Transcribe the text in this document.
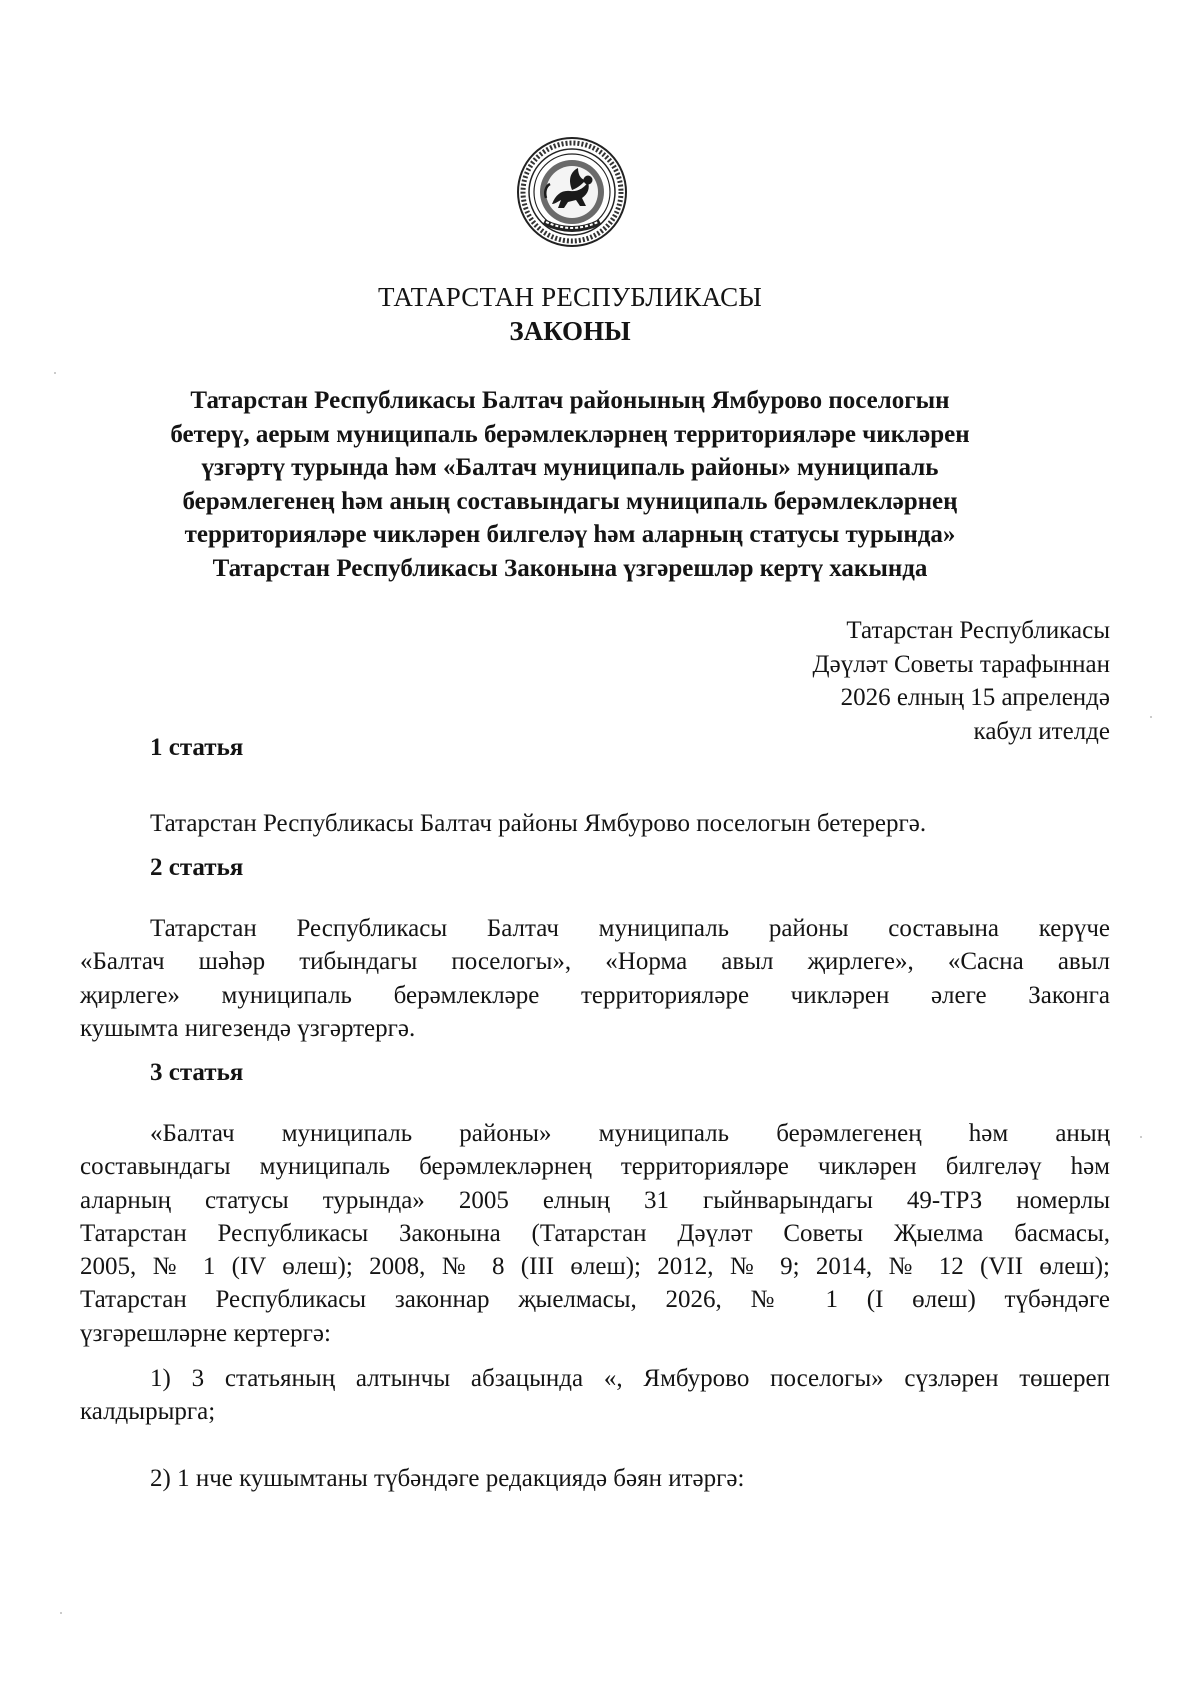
ТАТАРСТАН РЕСПУБЛИКАСЫ
ЗАКОНЫ
Татарстан Республикасы Балтач районының Ямбурово поселогын
бетерү, аерым муниципаль берәмлекләрнең территорияләре чикләрен
үзгәртү турында һәм «Балтач муниципаль районы» муниципаль
берәмлегенең һәм аның составындагы муниципаль берәмлекләрнең
территорияләре чикләрен билгеләү һәм аларның статусы турында»
Татарстан Республикасы Законына үзгәрешләр кертү хакында
Татарстан Республикасы
Дәүләт Советы тарафыннан
2026 елның 15 апрелендә
кабул ителде
1 статья
Татарстан Республикасы Балтач районы Ямбурово поселогын бетерергә.
2 статья
Татарстан Республикасы Балтач муниципаль районы составына керүче
«Балтач шәһәр тибындагы поселогы», «Норма авыл җирлеге», «Сасна авыл
җирлеге» муниципаль берәмлекләре территорияләре чикләрен әлеге Законга
кушымта нигезендә үзгәртергә.
3 статья
«Балтач муниципаль районы» муниципаль берәмлегенең һәм аның
составындагы муниципаль берәмлекләрнең территорияләре чикләрен билгеләү һәм
аларның статусы турында» 2005 елның 31 гыйнварындагы 49-ТРЗ номерлы
Татарстан Республикасы Законына (Татарстан Дәүләт Советы Җыелма басмасы,
2005, № 1 (IV өлеш); 2008, № 8 (III өлеш); 2012, № 9; 2014, № 12 (VII өлеш);
Татарстан Республикасы законнар җыелмасы, 2026, № 1 (I өлеш) түбәндәге
үзгәрешләрне кертергә:
1) 3 статьяның алтынчы абзацында «, Ямбурово поселогы» сүзләрен төшереп
калдырырга;
2) 1 нче кушымтаны түбәндәге редакциядә бәян итәргә:
